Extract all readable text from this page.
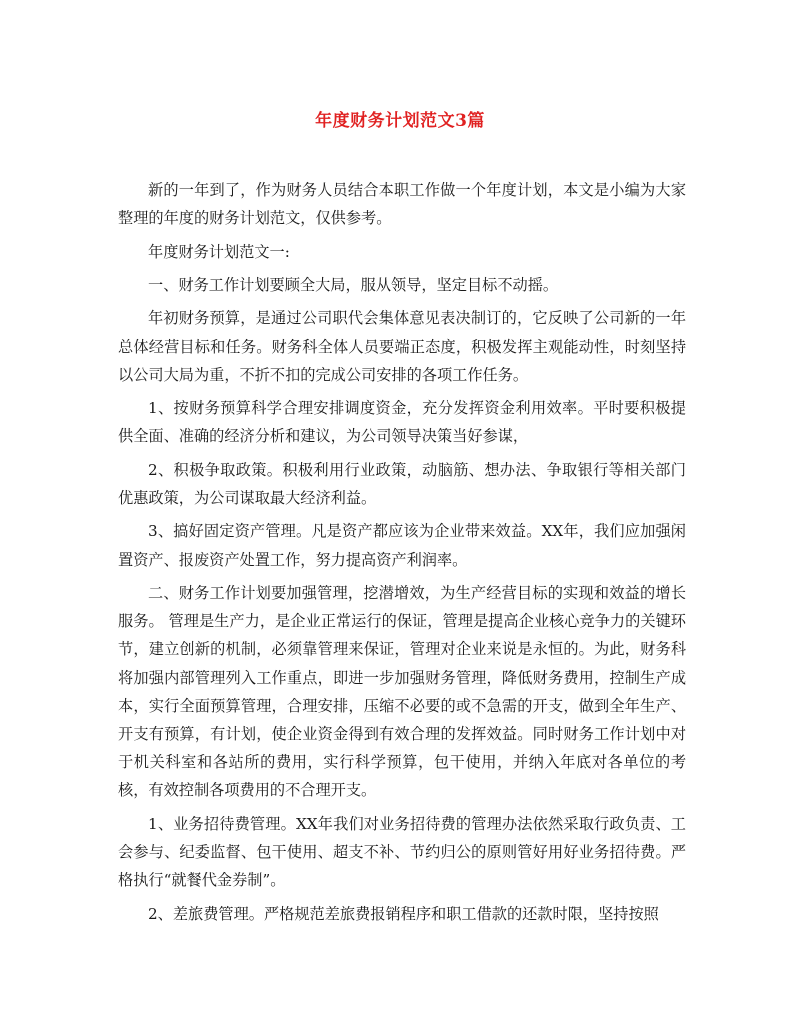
年度财务计划范文3篇

新的一年到了，作为财务人员结合本职工作做一个年度计划，本文是小编为大家整理的年度的财务计划范文，仅供参考。

年度财务计划范文一:

一、财务工作计划要顾全大局，服从领导，坚定目标不动摇。

年初财务预算，是通过公司职代会集体意见表决制订的，它反映了公司新的一年总体经营目标和任务。财务科全体人员要端正态度，积极发挥主观能动性，时刻坚持以公司大局为重，不折不扣的完成公司安排的各项工作任务。

1、按财务预算科学合理安排调度资金，充分发挥资金利用效率。平时要积极提供全面、准确的经济分析和建议，为公司领导决策当好参谋，

2、积极争取政策。积极利用行业政策，动脑筋、想办法、争取银行等相关部门优惠政策，为公司谋取最大经济利益。

3、搞好固定资产管理。凡是资产都应该为企业带来效益。XX年，我们应加强闲置资产、报废资产处置工作，努力提高资产利润率。

二、财务工作计划要加强管理，挖潜增效，为生产经营目标的实现和效益的增长服务。 管理是生产力，是企业正常运行的保证，管理是提高企业核心竞争力的关键环节，建立创新的机制，必须靠管理来保证，管理对企业来说是永恒的。为此，财务科将加强内部管理列入工作重点，即进一步加强财务管理，降低财务费用，控制生产成本，实行全面预算管理，合理安排，压缩不必要的或不急需的开支，做到全年生产、开支有预算，有计划，使企业资金得到有效合理的发挥效益。同时财务工作计划中对于机关科室和各站所的费用，实行科学预算，包干使用，并纳入年底对各单位的考核，有效控制各项费用的不合理开支。

1、业务招待费管理。XX年我们对业务招待费的管理办法依然采取行政负责、工会参与、纪委监督、包干使用、超支不补、节约归公的原则管好用好业务招待费。严格执行“就餐代金券制”。

2、差旅费管理。严格规范差旅费报销程序和职工借款的还款时限，坚持按照
